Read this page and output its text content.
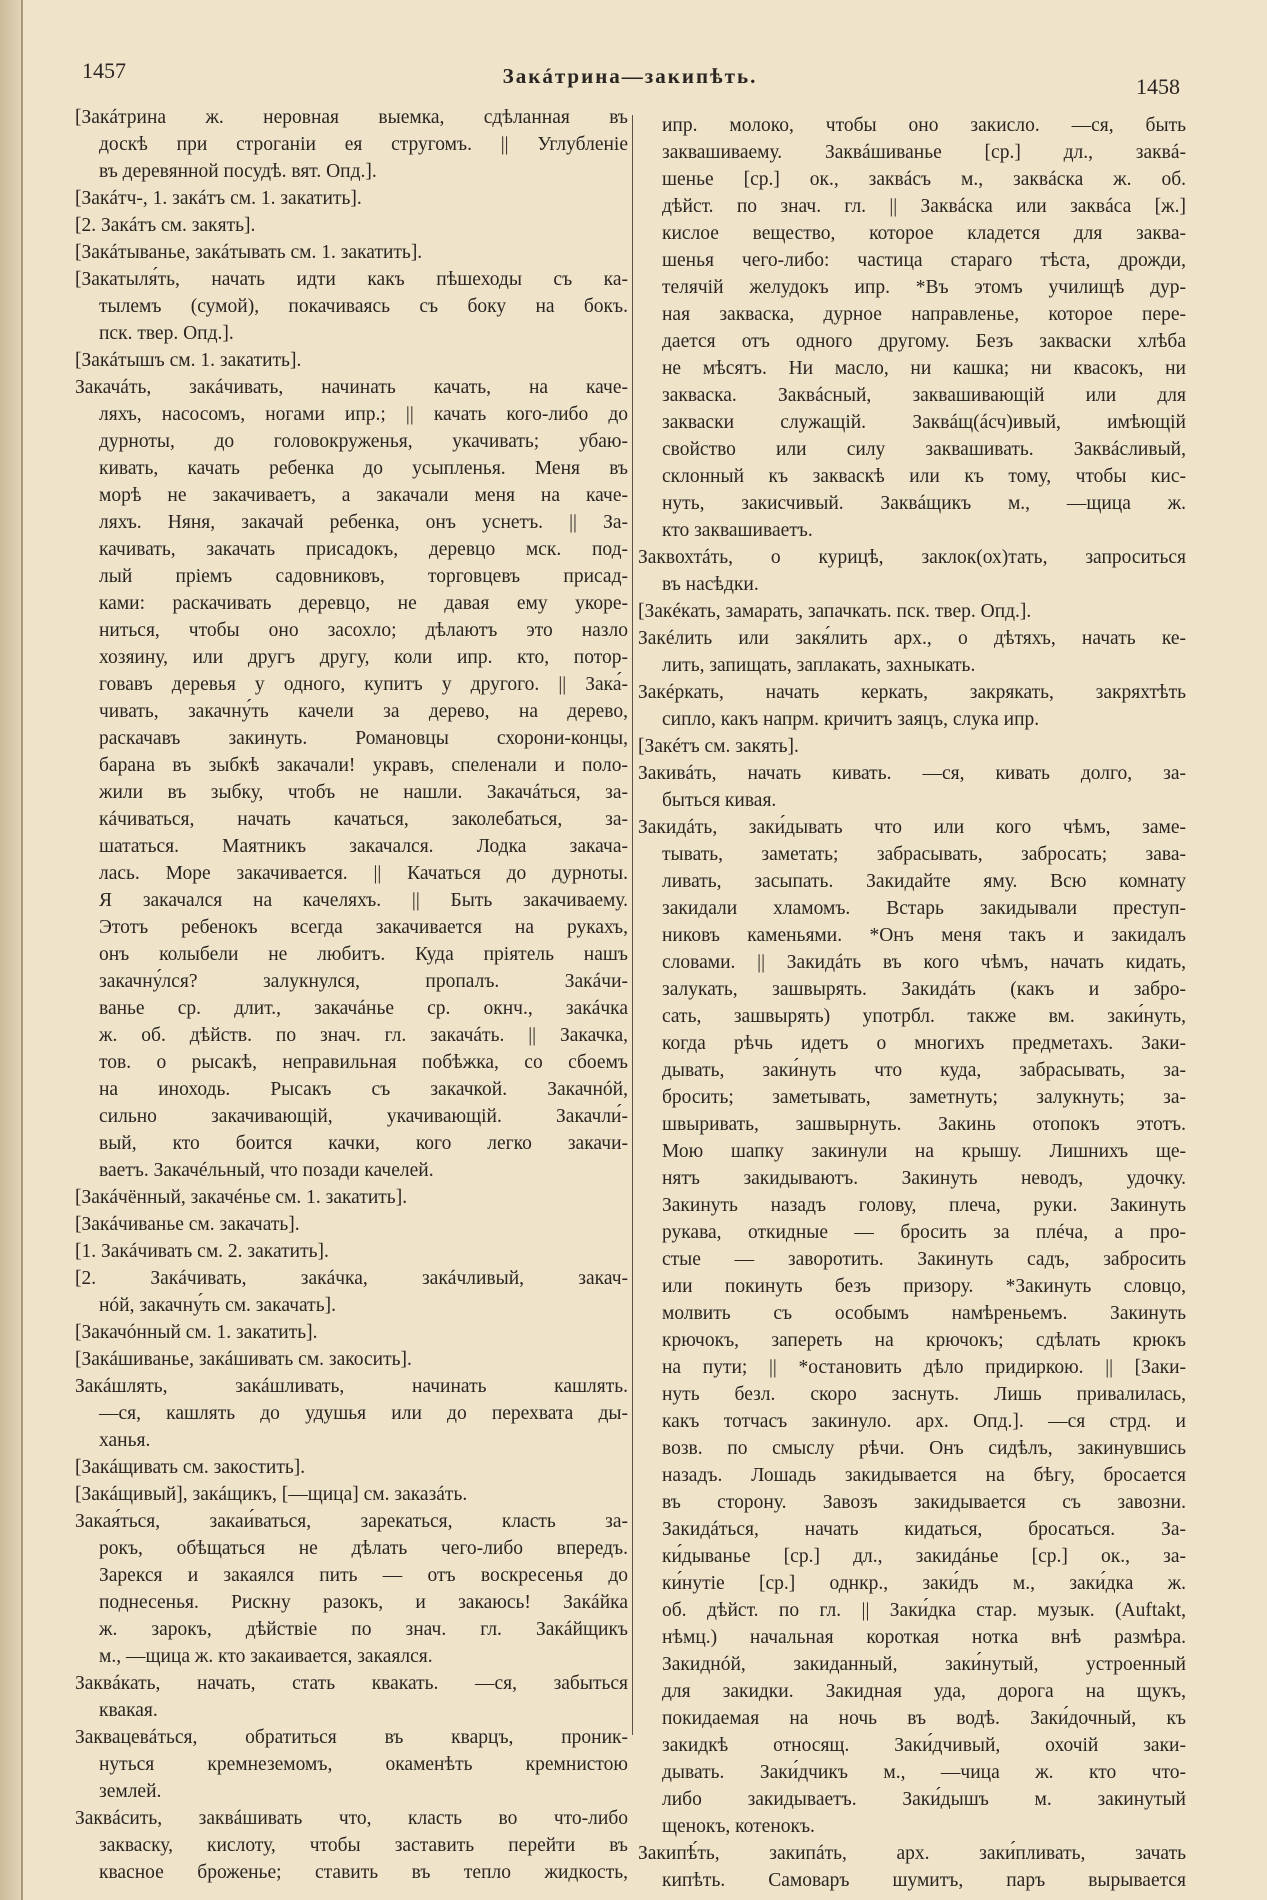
1457	Закáтрина—закипѣть.	1458
[Закáтрина ж. неровная выемка, сдѣланная въ
доскѣ при строганіи ея стругомъ. || Углубленіе
въ деревянной посудѣ. вят. Опд.].
[Закáтч-, 1. закáтъ см. 1. закатить].
[2. Закáтъ см. закять].
[Закáтыванье, закáтывать см. 1. закатить].
[Закатыля́ть, начать идти какъ пѣшеходы съ ка-
тылемъ (сумой), покачиваясь съ боку на бокъ.
пск. твер. Опд.].
[Закáтышъ см. 1. закатить].
Закачáть, закáчивать, начинать качать, на каче-
ляхъ, насосомъ, ногами ипр.; || качать кого-либо до
дурноты, до головокруженья, укачивать; убаю-
кивать, качать ребенка до усыпленья. Меня въ
морѣ не закачиваетъ, а закачали меня на каче-
ляхъ. Няня, закачай ребенка, онъ уснетъ. || За-
качивать, закачать присадокъ, деревцо мск. под-
лый пріемъ садовниковъ, торговцевъ присад-
ками: раскачивать деревцо, не давая ему укоре-
ниться, чтобы оно засохло; дѣлаютъ это назло
хозяину, или другъ другу, коли ипр. кто, потор-
говавъ деревья у одного, купитъ у другого. || Зака́-
чивать, закачну́ть качели за дерево, на дерево,
раскачавъ закинуть. Романовцы схорони-концы,
барана въ зыбкѣ закачали! укравъ, спеленали и поло-
жили въ зыбку, чтобъ не нашли. Закачáться, за-
кáчиваться, начать качаться, заколебаться, за-
шататься. Маятникъ закачался. Лодка закача-
лась. Море закачивается. || Качаться до дурноты.
Я закачался на качеляхъ. || Быть закачиваему.
Этотъ ребенокъ всегда закачивается на рукахъ,
онъ колыбели не любитъ. Куда пріятель нашъ
закачну́лся? залукнулся, пропалъ. Закáчи-
ванье ср. длит., закачáнье ср. окнч., закáчка
ж. об. дѣйств. по знач. гл. закачáть. || Закачка,
тов. о рысакѣ, неправильная побѣжка, со сбоемъ
на иноходь. Рысакъ съ закачкой. Закачнóй,
сильно закачивающій, укачивающій. Закачли́-
вый, кто боится качки, кого легко закачи-
ваетъ. Закачéльный, что позади качелей.
[Закáчённый, закачéнье см. 1. закатить].
[Закáчиванье см. закачать].
[1. Закáчивать см. 2. закатить].
[2. Закáчивать, закáчка, закáчливый, закач-
нóй, закачну́ть см. закачать].
[Закачóнный см. 1. закатить].
[Закáшиванье, закáшивать см. закосить].
Закáшлять, закáшливать, начинать кашлять.
—ся, кашлять до удушья или до перехвата ды-
ханья.
[Закáщивать см. закостить].
[Закáщивый], закáщикъ, [—щица] см. заказáть.
Закая́ться, закаи́ваться, зарекаться, класть за-
рокъ, обѣщаться не дѣлать чего-либо впередъ.
Зарекся и закаялся пить — отъ воскресенья до
поднесенья. Рискну разокъ, и закаюсь! Закáйка
ж. зарокъ, дѣйствіе по знач. гл. Закáйщикъ
м., —щица ж. кто закаивается, закаялся.
Заквáкать, начать, стать квакать. —ся, забыться
квакая.
Заквацевáться, обратиться въ кварцъ, проник-
нуться кремнеземомъ, окаменѣть кремнистою
землей.
Заквáсить, заквáшивать что, класть во что-либо
закваску, кислоту, чтобы заставить перейти въ
квасное броженье; ставить въ тепло жидкость,
ипр. молоко, чтобы оно закисло. —ся, быть
заквашиваему. Заквáшиванье [ср.] дл., заквá-
шенье [ср.] ок., заквáсъ м., заквáска ж. об.
дѣйст. по знач. гл. || Заквáска или заквáса [ж.]
кислое вещество, которое кладется для заква-
шенья чего-либо: частица стараго тѣста, дрожди,
телячій желудокъ ипр. *Въ этомъ училищѣ дур-
ная закваска, дурное направленье, которое пере-
дается отъ одного другому. Безъ закваски хлѣба
не мѣсятъ. Ни масло, ни кашка; ни квасокъ, ни
закваска. Заквáсный, заквашивающій или для
закваски служащій. Заквáщ(áсч)ивый, имѣющій
свойство или силу заквашивать. Заквáсливый,
склонный къ закваскѣ или къ тому, чтобы кис-
нуть, закисчивый. Заквáщикъ м., —щица ж.
кто заквашиваетъ.
Заквохтáть, о курицѣ, заклок(ох)тать, запроситься
въ насѣдки.
[Закéкать, замарать, запачкать. пск. твер. Опд.].
Закéлить или закя́лить арх., о дѣтяхъ, начать ке-
лить, запищать, заплакать, захныкать.
Закéркать, начать керкать, закрякать, закряхтѣть
сипло, какъ напрм. кричитъ заяцъ, слука ипр.
[Закéтъ см. закять].
Закивáть, начать кивать. —ся, кивать долго, за-
быться кивая.
Закидáть, заки́дывать что или кого чѣмъ, заме-
тывать, заметать; забрасывать, забросать; зава-
ливать, засыпать. Закидайте яму. Всю комнату
закидали хламомъ. Встарь закидывали преступ-
никовъ каменьями. *Онъ меня такъ и закидалъ
словами. || Закидáть въ кого чѣмъ, начать кидать,
залукать, зашвырять. Закидáть (какъ и забро-
сать, зашвырять) употрбл. также вм. заки́нуть,
когда рѣчь идетъ о многихъ предметахъ. Заки-
дывать, заки́нуть что куда, забрасывать, за-
бросить; заметывать, заметнуть; залукнуть; за-
швыривать, зашвырнуть. Закинь отопокъ этотъ.
Мою шапку закинули на крышу. Лишнихъ ще-
нятъ закидываютъ. Закинуть неводъ, удочку.
Закинуть назадъ голову, плеча, руки. Закинуть
рукава, откидные — бросить за плéча, а про-
стые — заворотить. Закинуть садъ, забросить
или покинуть безъ призору. *Закинуть словцо,
молвить съ особымъ намѣреньемъ. Закинуть
крючокъ, запереть на крючокъ; сдѣлать крюкъ
на пути; || *остановить дѣло придиркою. || [Заки-
нуть безл. скоро заснуть. Лишь привалилась,
какъ тотчасъ закинуло. арх. Опд.]. —ся стрд. и
возв. по смыслу рѣчи. Онъ сидѣлъ, закинувшись
назадъ. Лошадь закидывается на бѣгу, бросается
въ сторону. Завозъ закидывается съ завозни.
Закидáться, начать кидаться, бросаться. За-
ки́дыванье [ср.] дл., закидáнье [ср.] ок., за-
ки́нутіе [ср.] однкр., заки́дъ м., заки́дка ж.
об. дѣйст. по гл. || Заки́дка стар. музык. (Auftakt,
нѣмц.) начальная короткая нотка внѣ размѣра.
Закиднóй, закиданный, заки́нутый, устроенный
для закидки. Закидная уда, дорога на щукъ,
покидаемая на ночь въ водѣ. Заки́дочный, къ
закидкѣ относящ. Заки́дчивый, охочій заки-
дывать. Заки́дчикъ м., —чица ж. кто что-
либо закидываетъ. Заки́дышъ м. закинутый
щенокъ, котенокъ.
Закипѣ́ть, закипáть, арх. заки́пливать, зачать
кипѣть. Самоваръ шумитъ, паръ вырывается
